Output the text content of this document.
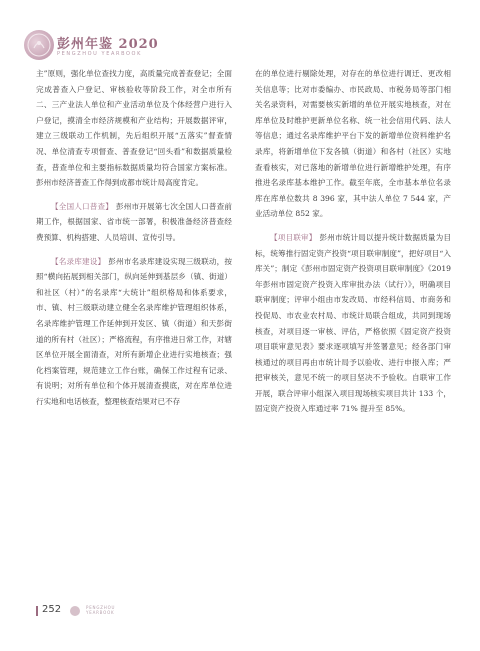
彭州年鉴 2020
PENGZHOU YEARBOOK

主”原则，强化单位查找力度，高质量完成普查登记；全面完成普查入户登记、审核验收等阶段工作，对全市所有二、三产业法人单位和产业活动单位及个体经营户进行入户登记，摸清全市经济规模和产业结构；开展数据评审，建立三级联动工作机制，先后组织开展“五落实”督查情况、单位清查专项督查、普查登记“回头看”和数据质量检查，普查单位和主要指标数据质量均符合国家方案标准。彭州市经济普查工作得到成都市统计局高度肯定。

【全国人口普查】 彭州市开展第七次全国人口普查前期工作，根据国家、省市统一部署，积极准备经济普查经费预算、机构搭建、人员培训、宣传引导。

【名录库建设】 彭州市名录库建设实现三级联动，按照“横向拓展到相关部门，纵向延伸到基层乡（镇、街道）和社区（村）”的名录库“大统计”组织格局和体系要求，市、镇、村三级联动建立健全名录库维护管理组织体系，名录库维护管理工作延伸到开发区、镇（街道）和天彭街道的所有村（社区）；严格流程，有序推进日常工作，对辖区单位开展全面清查，对所有新增企业进行实地核查；强化档案管理，规范建立工作台账，确保工作过程有记录、有说明；对所有单位和个体开展清查摸底，对在库单位进行实地和电话核查，整理核查结果对已不存

在的单位进行剔除处理，对存在的单位进行调迁、更改相关信息等；比对市委编办、市民政局、市税务局等部门相关名录资料，对需要核实新增的单位开展实地核查，对在库单位及时维护更新单位名称、统一社会信用代码、法人等信息；通过名录库维护平台下发的新增单位资料维护名录库，将新增单位下发各镇（街道）和各村（社区）实地查看核实，对已落地的新增单位进行新增维护处理，有序推进名录库基本维护工作。截至年底，全市基本单位名录库在库单位数共 8 396 家，其中法人单位 7 544 家，产业活动单位 852 家。

【项目联审】 彭州市统计局以提升统计数据质量为目标，统筹推行固定资产投资“项目联审制度”，把好项目“入库关”；制定《彭州市固定资产投资项目联审制度》《2019 年彭州市固定资产投资入库审批办法（试行）》，明确项目联审制度；评审小组由市发改局、市经科信局、市商务和投促局、市农业农村局、市统计局联合组成，共同到现场核查，对项目逐一审核、评估，严格依照《固定资产投资项目联审意见表》要求逐项填写并签署意见；经各部门审核通过的项目再由市统计局予以验收、进行申报入库；严把审核关，意见不统一的项目坚决不予验收。自联审工作开展，联合评审小组深入项目现场核实项目共计 133 个，固定资产投资入库通过率 71% 提升至 85%。

252	PENGZHOU
YEARBOOK
